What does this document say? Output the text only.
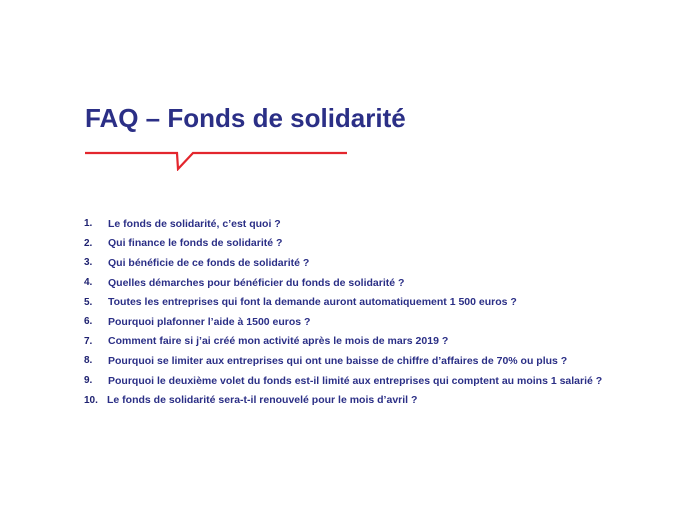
FAQ – Fonds de solidarité
1.	Le fonds de solidarité, c’est quoi ?
2.	Qui finance le fonds de solidarité ?
3.	Qui bénéficie de ce fonds de solidarité ?
4.	Quelles démarches pour bénéficier du fonds de solidarité ?
5.	Toutes les entreprises qui font la demande auront automatiquement 1 500 euros ?
6.	Pourquoi plafonner l’aide à 1500 euros ?
7.	Comment faire si j’ai créé mon activité après le mois de mars 2019 ?
8.	Pourquoi se limiter aux entreprises qui ont une baisse de chiffre d’affaires de 70% ou plus ?
9.	Pourquoi le deuxième volet du fonds est-il limité aux entreprises qui comptent au moins 1 salarié ?
10. Le fonds de solidarité sera-t-il renouvelé pour le mois d’avril ?
